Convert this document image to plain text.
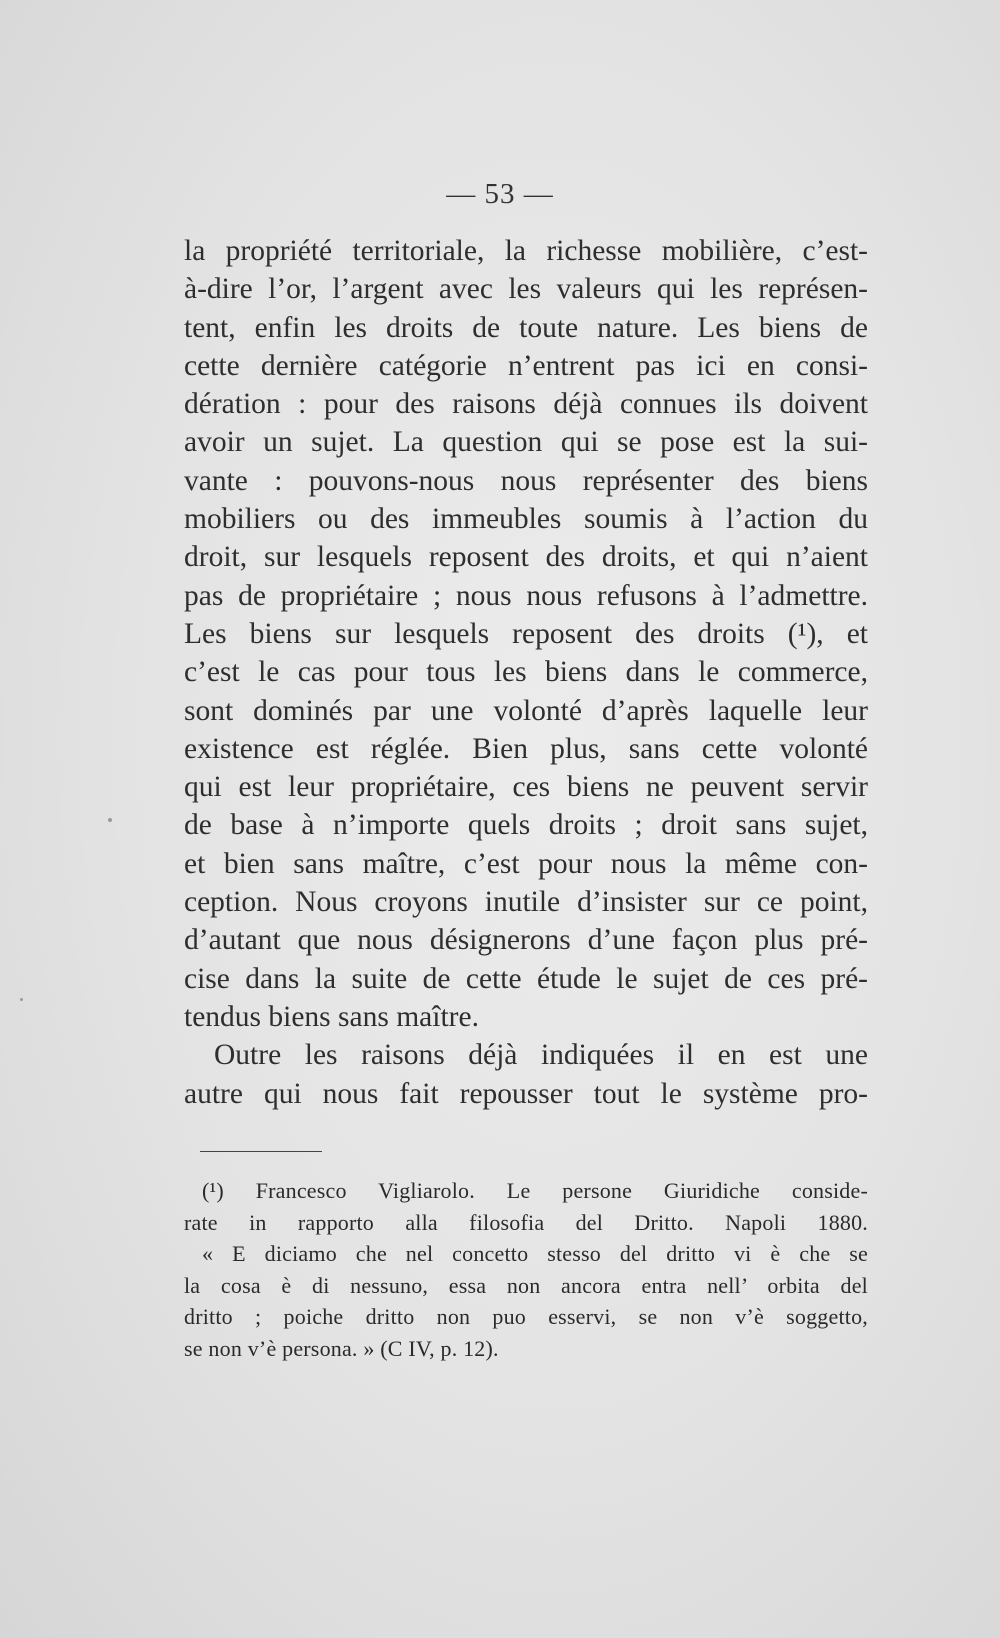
— 53 —
la propriété territoriale, la richesse mobilière, c’est-
à-dire l’or, l’argent avec les valeurs qui les représen-
tent, enfin les droits de toute nature. Les biens de
cette dernière catégorie n’entrent pas ici en consi-
dération : pour des raisons déjà connues ils doivent
avoir un sujet. La question qui se pose est la sui-
vante : pouvons-nous nous représenter des biens
mobiliers ou des immeubles soumis à l’action du
droit, sur lesquels reposent des droits, et qui n’aient
pas de propriétaire ; nous nous refusons à l’admettre.
Les biens sur lesquels reposent des droits (¹), et
c’est le cas pour tous les biens dans le commerce,
sont dominés par une volonté d’après laquelle leur
existence est réglée. Bien plus, sans cette volonté
qui est leur propriétaire, ces biens ne peuvent servir
de base à n’importe quels droits ; droit sans sujet,
et bien sans maître, c’est pour nous la même con-
ception. Nous croyons inutile d’insister sur ce point,
d’autant que nous désignerons d’une façon plus pré-
cise dans la suite de cette étude le sujet de ces pré-
tendus biens sans maître.
Outre les raisons déjà indiquées il en est une
autre qui nous fait repousser tout le système pro-
(¹) Francesco Vigliarolo. Le persone Giuridiche conside-
rate in rapporto alla filosofia del Dritto. Napoli 1880.
« E diciamo che nel concetto stesso del dritto vi è che se
la cosa è di nessuno, essa non ancora entra nell’ orbita del
dritto ; poiche dritto non puo esservi, se non v’è soggetto,
se non v’è persona. » (C IV, p. 12).
